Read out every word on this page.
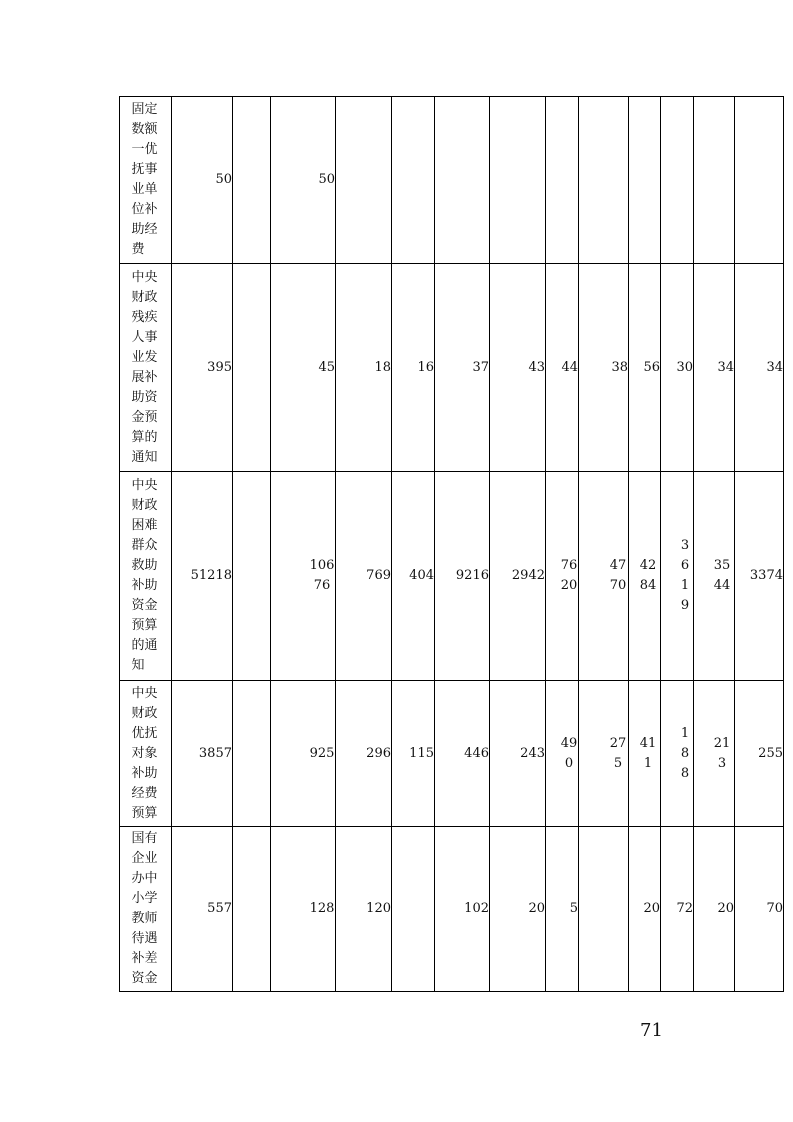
固定数额一优抚事业单位补助经费	50		50										
中央财政残疾人事业发展补助资金预算的通知	395		45	18	16	37	43	44	38	56	30	34	34
中央财政困难群众救助补助资金预算的通知	51218		10676	769	404	9216	2942	7620	4770	4284	3619	3544	3374
中央财政优抚对象补助经费预算	3857		925	296	115	446	243	490	275	411	188	213	255
国有企业办中小学教师待遇补差资金	557		128	120		102	20	5		20	72	20	70
71
